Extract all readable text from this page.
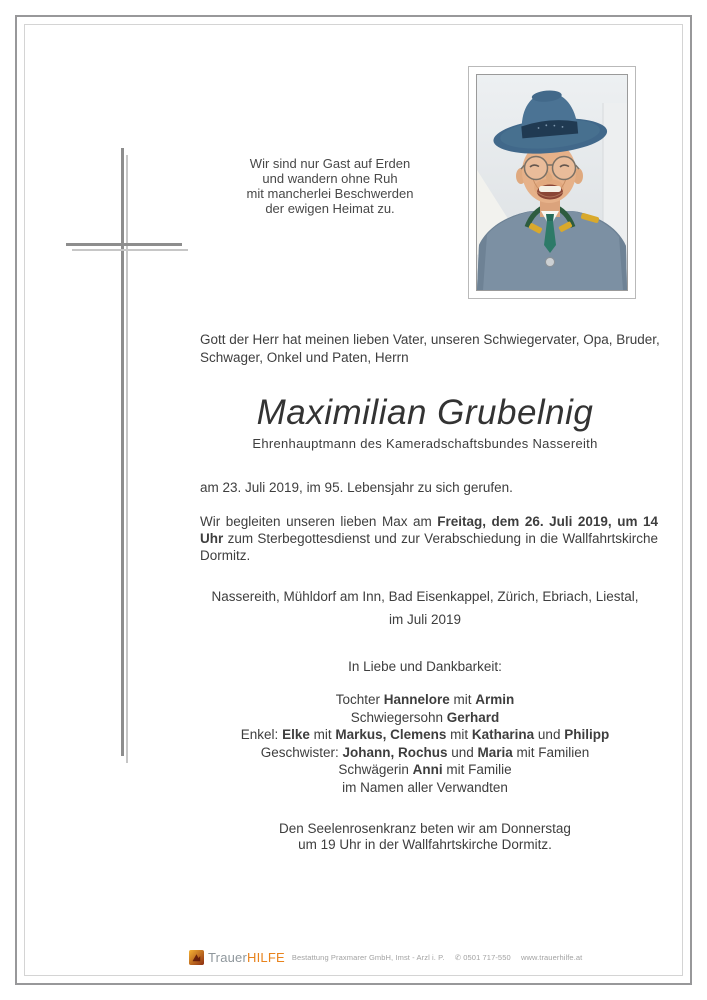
Wir sind nur Gast auf Erden
und wandern ohne Ruh
mit mancherlei Beschwerden
der ewigen Heimat zu.
Gott der Herr hat meinen lieben Vater, unseren Schwiegervater, Opa, Bruder, Schwager, Onkel und Paten, Herrn
Maximilian Grubelnig
Ehrenhauptmann des Kameradschaftsbundes Nassereith
am 23. Juli 2019, im 95. Lebensjahr zu sich gerufen.
Wir begleiten unseren lieben Max am Freitag, dem 26. Juli 2019, um 14 Uhr zum Sterbegottesdienst und zur Verabschiedung in die Wallfahrtskirche Dormitz.
Nassereith, Mühldorf am Inn, Bad Eisenkappel, Zürich, Ebriach, Liestal,
im Juli 2019
In Liebe und Dankbarkeit:
Tochter Hannelore mit Armin
Schwiegersohn Gerhard
Enkel: Elke mit Markus, Clemens mit Katharina und Philipp
Geschwister: Johann, Rochus und Maria mit Familien
Schwägerin Anni mit Familie
im Namen aller Verwandten
Den Seelenrosenkranz beten wir am Donnerstag
um 19 Uhr in der Wallfahrtskirche Dormitz.
TrauerHILFE Bestattung Praxmarer GmbH, Imst - Arzl i. P. ✆ 0501 717-550 www.trauerhilfe.at
